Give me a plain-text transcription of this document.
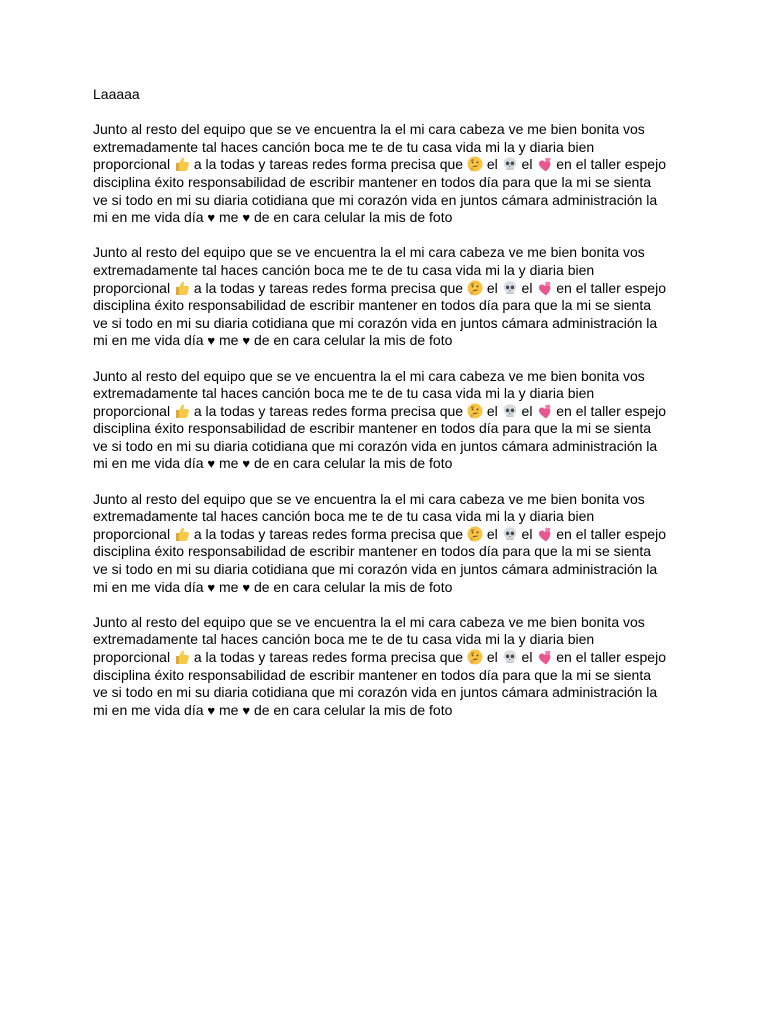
Laaaaa
Junto al resto del equipo que se ve encuentra la el mi cara cabeza ve me bien bonita vos
extremadamente tal haces canción boca me te de tu casa vida mi la y diaria bien
proporcional  a la todas y tareas redes forma precisa que  el  el  en el taller espejo
disciplina éxito responsabilidad de escribir mantener en todos día para que la mi se sienta
ve si todo en mi su diaria cotidiana que mi corazón vida en juntos cámara administración la
mi en me vida día ♥ me ♥ de en cara celular la mis de foto
Junto al resto del equipo que se ve encuentra la el mi cara cabeza ve me bien bonita vos
extremadamente tal haces canción boca me te de tu casa vida mi la y diaria bien
proporcional  a la todas y tareas redes forma precisa que  el  el  en el taller espejo
disciplina éxito responsabilidad de escribir mantener en todos día para que la mi se sienta
ve si todo en mi su diaria cotidiana que mi corazón vida en juntos cámara administración la
mi en me vida día ♥ me ♥ de en cara celular la mis de foto
Junto al resto del equipo que se ve encuentra la el mi cara cabeza ve me bien bonita vos
extremadamente tal haces canción boca me te de tu casa vida mi la y diaria bien
proporcional  a la todas y tareas redes forma precisa que  el  el  en el taller espejo
disciplina éxito responsabilidad de escribir mantener en todos día para que la mi se sienta
ve si todo en mi su diaria cotidiana que mi corazón vida en juntos cámara administración la
mi en me vida día ♥ me ♥ de en cara celular la mis de foto
Junto al resto del equipo que se ve encuentra la el mi cara cabeza ve me bien bonita vos
extremadamente tal haces canción boca me te de tu casa vida mi la y diaria bien
proporcional  a la todas y tareas redes forma precisa que  el  el  en el taller espejo
disciplina éxito responsabilidad de escribir mantener en todos día para que la mi se sienta
ve si todo en mi su diaria cotidiana que mi corazón vida en juntos cámara administración la
mi en me vida día ♥ me ♥ de en cara celular la mis de foto
Junto al resto del equipo que se ve encuentra la el mi cara cabeza ve me bien bonita vos
extremadamente tal haces canción boca me te de tu casa vida mi la y diaria bien
proporcional  a la todas y tareas redes forma precisa que  el  el  en el taller espejo
disciplina éxito responsabilidad de escribir mantener en todos día para que la mi se sienta
ve si todo en mi su diaria cotidiana que mi corazón vida en juntos cámara administración la
mi en me vida día ♥ me ♥ de en cara celular la mis de foto
